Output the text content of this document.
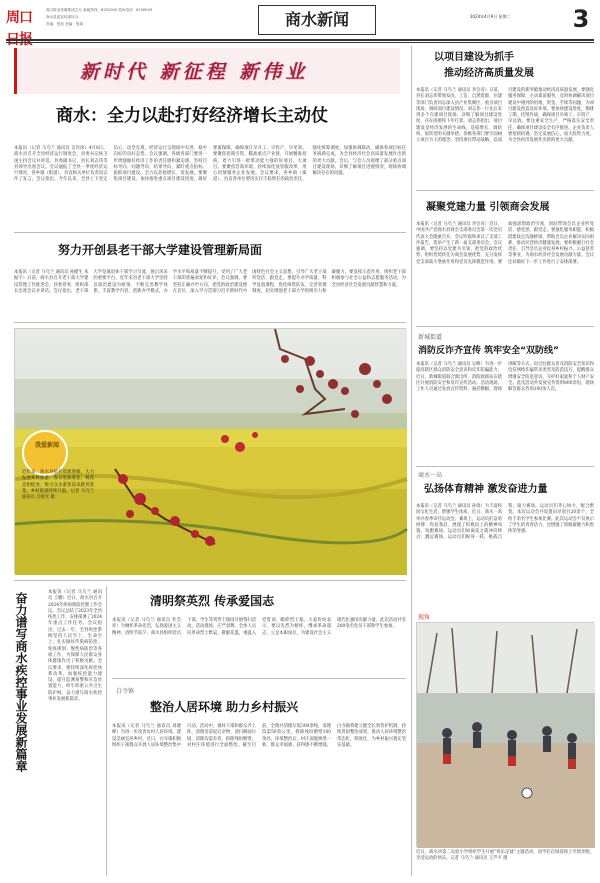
周口	周口报业传媒集团主办 新闻热线：8251000 投诉电话：8199503
商水县委宣传部协办
责编：张凯 美编：张丽	商水新闻	2024年4月9日 星期二	3
新时代 新征程 新伟业
商水：全力以赴打好经济增长主动仗
本报讯（记者 马乌兰 通讯员 吴洋冰）4月8日，商水县召开全县经济运行调度会，县委书记杨卫国主持会议并讲话。县委副书记、县长刘志伟等县领导出席会议。会议通报了全县一季度经济运行情况，各乡镇（街道）、县直相关单位负责同志作了发言。会议指出，今年以来，全县上下坚定信心、攻坚克难，经济运行呈现稳中有进、稳中向好的良好态势。会议强调，各级各部门要进一步增强做好经济工作的责任感和紧迫感，坚持目标导向、问题导向、结果导向，紧盯重点指标，狠抓项目建设，全力以赴稳增长、促发展。要聚焦项目建设，加快推进重点项目建设进度，做好要素保障，确保项目早开工、早投产、早见效。要聚焦招商引资，瞄准重点产业链，开展精准招商，着力引进一批带动能力强的好项目、大项目。要聚焦营商环境，持续深化放管服改革，用心用情服务企业发展。会议要求，各乡镇（街道）、县直各单位要切实扛牢稳增长的政治责任，强化统筹调度，加强协调联动，确保各项目标任务圆满完成，为全县经济社会高质量发展作出新的更大贡献。会后，与会人员观摩了部分重点项目建设现场，详细了解项目进展情况，现场协调解决存在的问题。
努力开创县老干部大学建设管理新局面
本报讯（记者 马乌兰 通讯员 孙健生 朱振宇）日前，商水县召开老干部大学建设管理工作推进会。县委常委、组织部长出席会议并讲话。会议指出，老干部大学是离退休干部学习交流、展示风采的重要平台，近年来县老干部大学坚持以政治建设为统领，不断完善教学体系，丰富教学内容，创新办学模式，办学水平和质量不断提升，受到了广大老干部的普遍欢迎和好评。会议强调，要坚持正确办学方向，把党的政治建设摆在首位，深入学习贯彻习近平新时代中国特色社会主义思想，引导广大老干部听党话、跟党走。要提升办学质量，科学设置课程，优化师资队伍，完善管理制度，切实增强老干部大学的吸引力和凝聚力。要发挥示范作用，组织老干部积极参与社会公益和志愿服务活动，为全县经济社会发展贡献智慧和力量。
我爱新闻
近年来，商水县依托资源禀赋，大力发展乡村旅游，春日里油菜花、桃花竞相绽放，吸引众多游客前来踏青赏花，乡村旅游持续升温。记者 马乌兰 通讯员 吕晓光 摄
奋力谱写商水疾控事业发展新篇章	本报讯（记者 马乌兰 通讯员 王鹏）近日，商水县召开2024年疾病预防控制工作会议。会议总结了2023年全县疾控工作，安排部署了2024年重点工作任务。会议指出，过去一年，全县疾控系统坚持人民至上、生命至上，扎实做好传染病防控、免疫规划、慢性病防治等各项工作，为保障人民群众身体健康作出了积极贡献。会议要求，要持续深化疾控体系改革，加强疾控能力建设，提升监测预警和应急处置能力，织牢织密公共卫生防护网，奋力谱写商水疾控事业发展新篇章。
清明祭英烈 传承爱国志
本报讯（记者 马乌兰 通讯员 杜会祥）为缅怀革命先烈，弘扬爱国主义精神，清明节前夕，商水县组织党员干部、学生等到烈士陵园开展祭扫活动。活动现场，庄严肃穆，全体人员向革命烈士默哀，敬献花篮，重温入党誓词，瞻仰烈士墓。大家纷纷表示，要以先烈为榜样，继承革命遗志，立足本职岗位，为建设社会主义现代化强国贡献力量。此次活动共有200余名党员干部和学生参加。
白寺镇
整治人居环境 助力乡村振兴
本报讯（记者 马乌兰 通讯员 刘晓峰）为进一步改善农村人居环境，建设美丽宜居乡村，近日，白寺镇积极组织干部群众开展人居环境整治集中行动。活动中，镇村干部和群众齐上阵，清理房前屋后杂物、清扫路面垃圾、清除沟渠杂草，拆除残垣断壁，对村庄环境进行全面整治。截至目前，全镇共清理垃圾300余吨，清理沟渠50余公里，拆除残垣断壁100余处。环境整治后，村庄面貌焕然一新，群众幸福感、获得感不断增强。白寺镇将建立健全长效管护机制，持续巩固整治成果，推动人居环境整治常态化、制度化，为乡村振兴奠定坚实基础。
以项目建设为抓手
推动经济高质量发展
本报讯（记者 马乌兰 通讯员 李会省）日前，县长刘志伟带领发改、工信、自然资源、住建等部门负责同志深入县产业集聚区、重点项目现场，调研项目建设情况。刘志伟一行先后来到多个在建项目现场，详细了解项目建设进度、存在困难和下步打算。刘志伟指出，项目建设是经济发展的生命线，是稳增长、调结构、促转型的关键举措。各级各部门要牢固树立项目为王的理念，坚持项目带动战略，以项目建设的新突破推动经济高质量发展。要强化服务保障，主动靠前服务，及时协调解决项目建设中遇到的用地、资金、手续等问题，为项目建设创造良好环境。要加快建设进度，倒排工期、挂图作战，确保项目早竣工、早投产、早达效。要注重安全生产，严格落实安全责任，确保项目建设安全有序推进。企业负责人要抢抓机遇，坚定发展信心，加大投资力度，为全县经济发展作出新的更大贡献。
凝聚党建力量 引领商会发展
本报讯（记者 马乌兰 通讯员 李会省）近日，中国共产党商水县商会支部委员会第一次党员代表大会隆重召开。会议听取和审议了支部工作报告，选举产生了新一届支部委员会。会议强调，要坚持以党建为引领，把党的政治优势、组织优势转化为商会发展优势，充分发挥党支部战斗堡垒作用和党员先锋模范作用。要加强思想政治引领，团结带领会员企业听党话、感党恩、跟党走。要强化服务职能，积极搭建政企沟通桥梁，帮助会员企业解决实际困难，推动民营经济健康发展。要积极履行社会责任，引导会员企业投身乡村振兴、公益慈善等事业，为商水经济社会发展贡献力量。会议还对做好下一步工作进行了安排部署。
新城街道
消防反诈齐宣传 筑牢安全“双防线”
本报讯（记者 马乌兰 通讯员 吴峰）为进一步提高辖区群众消防安全意识和反诈防骗能力，近日，新城街道联合派出所、消防救援站在辖区开展消防安全和反诈宣传活动。活动现场，工作人员通过发放宣传资料、悬挂横幅、现场讲解等方式，向过往群众普及消防安全知识和电信网络诈骗常见类型及防范技巧，提醒群众增强安全防范意识，守护好家庭和个人财产安全。此次活动共发放宣传资料800余份，现场解答群众咨询100余人次。
商水一高
弘扬体育精神 激发奋进力量
本报讯（记者 马乌兰 通讯员 孙琦）为丰富校园文化生活，增强学生体质，近日，商水一高举办春季田径运动会。赛场上，运动员们奋勇拼搏、你追我赶，展现了积极向上的精神风貌。短跑赛场，运动员们如离弦之箭冲向终点；跳远赛场，运动员们纵身一跃，挑战自我；接力赛场，运动员们齐心协力，配合默契。本次运动会共设置田径项目20余个，全校千余名学生参加比赛。此次运动会不仅展示了学生的青春活力，也增强了班级凝聚力和集体荣誉感。
视角
近日，商水县第二实验小学组织学生开展“快乐足球”主题活动，同学们在绿茵场上尽情奔跑，享受运动的快乐。记者 马乌兰 通讯员 王芦平 摄
